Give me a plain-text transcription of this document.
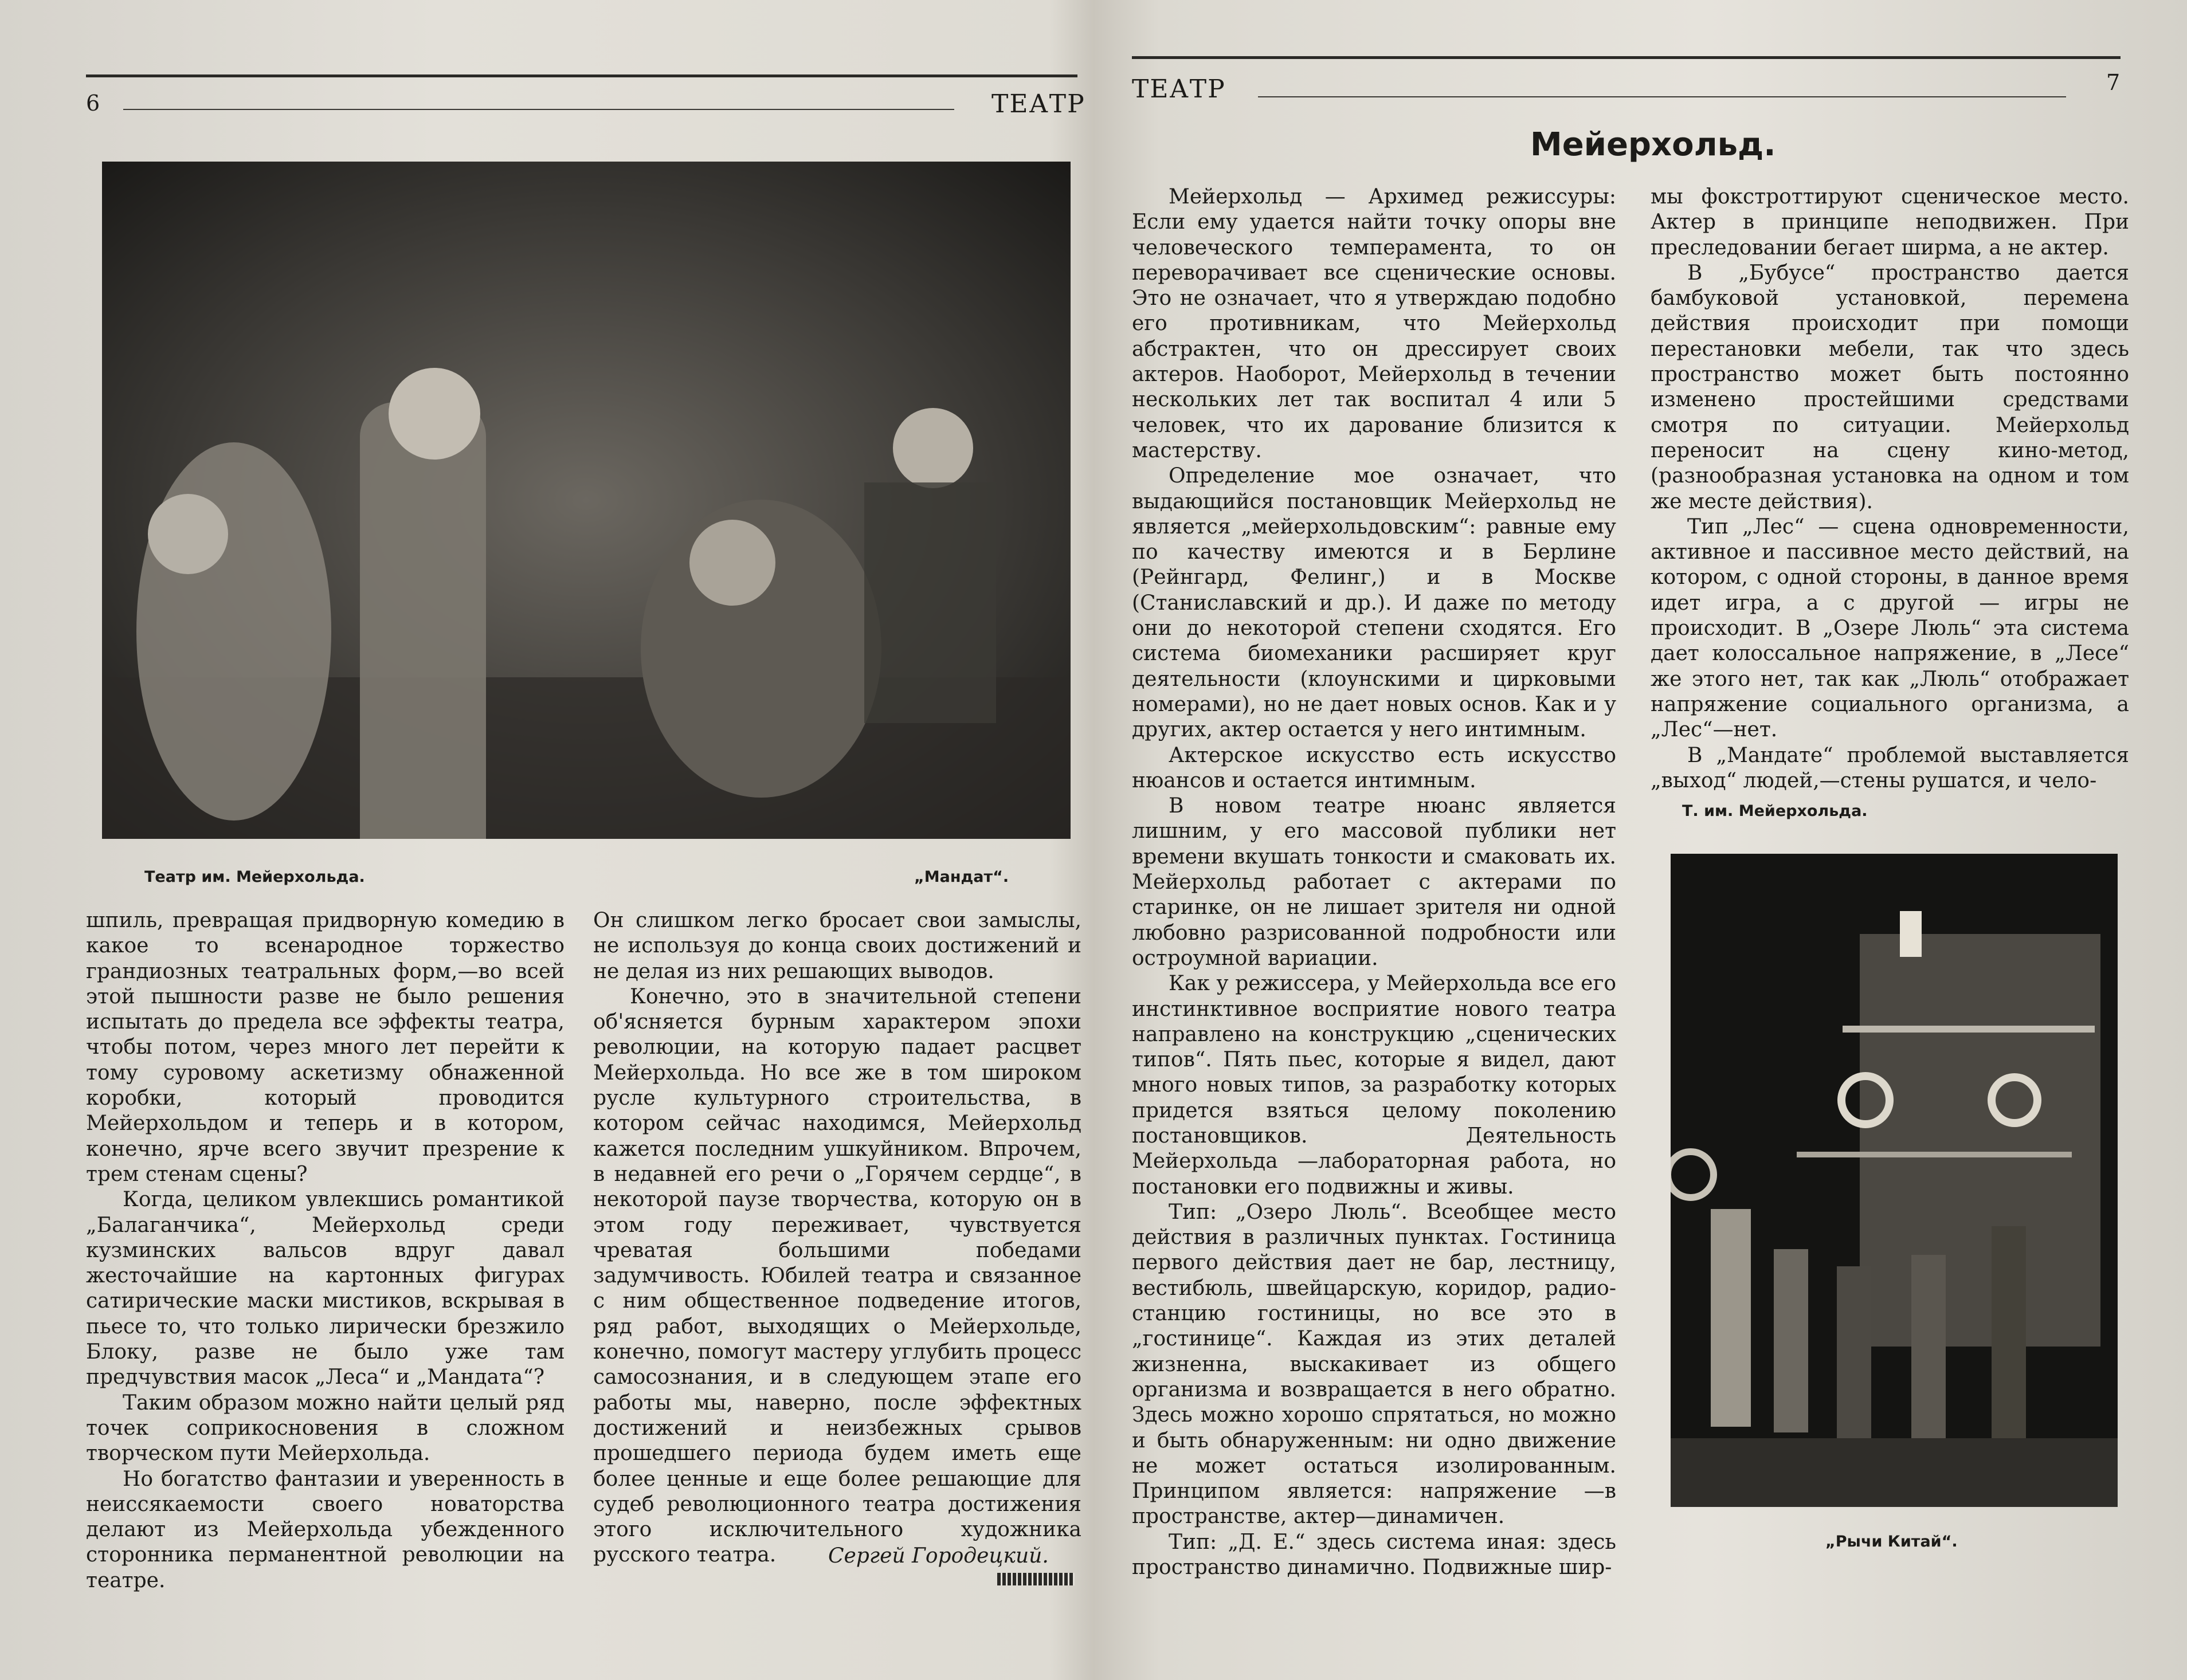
6	ТЕАТР
Театр им. Мейерхольда.	„Мандат“.

шпиль, превращая придворную комедию в какое то всенародное торжество грандиозных театральных форм,—во всей этой пышности разве не было решения испытать до предела все эффекты театра, чтобы потом, через много лет перейти к тому суровому аскетизму обнаженной коробки, который проводится Мейерхольдом и теперь и в котором, конечно, ярче всего звучит презрение к трем стенам сцены?

Когда, целиком увлекшись романтикой „Балаганчика“, Мейерхольд среди кузминских вальсов вдруг давал жесточайшие на картонных фигурах сатирические маски мистиков, вскрывая в пьесе то, что только лирически брезжило Блоку, разве не было уже там предчувствия масок „Леса“ и „Мандата“?

Таким образом можно найти целый ряд точек соприкосновения в сложном творческом пути Мейерхольда.

Но богатство фантазии и уверенность в неиссякаемости своего новаторства делают из Мейерхольда убежденного сторонника перманентной революции на театре.

Он слишком легко бросает свои замыслы, не используя до конца своих достижений и не делая из них решающих выводов.

Конечно, это в значительной степени об'ясняется бурным характером эпохи революции, на которую падает расцвет Мейерхольда. Но все же в том широком русле культурного строительства, в котором сейчас находимся, Мейерхольд кажется последним ушкуйником. Впрочем, в недавней его речи о „Горячем сердце“, в некоторой паузе творчества, которую он в этом году переживает, чувствуется чреватая большими победами задумчивость. Юбилей театра и связанное с ним общественное подведение итогов, ряд работ, выходящих о Мейерхольде, конечно, помогут мастеру углубить процесс самосознания, и в следующем этапе его работы мы, наверно, после эффектных достижений и неизбежных срывов прошедшего периода будем иметь еще более ценные и еще более решающие для судеб революционного театра достижения этого исключительного художника русского театра.	Сергей Городецкий.
ТЕАТР	7
Мейерхольд.

Мейерхольд — Архимед режиссуры: Если ему удается найти точку опоры вне человеческого темперамента, то он переворачивает все сценические основы. Это не означает, что я утверждаю подобно его противникам, что Мейерхольд абстрактен, что он дрессирует своих актеров. Наоборот, Мейерхольд в течении нескольких лет так воспитал 4 или 5 человек, что их дарование близится к мастерству.

Определение мое означает, что выдающийся постановщик Мейерхольд не является „мейерхольдовским“: равные ему по качеству имеются и в Берлине (Рейнгард, Фелинг,) и в Москве (Станиславский и др.). И даже по методу они до некоторой степени сходятся. Его система биомеханики расширяет круг деятельности (клоунскими и цирковыми номерами), но не дает новых основ. Как и у других, актер остается у него интимным.

Актерское искусство есть искусство нюансов и остается интимным.

В новом театре нюанс является лишним, у его массовой публики нет времени вкушать тонкости и смаковать их. Мейерхольд работает с актерами по старинке, он не лишает зрителя ни одной любовно разрисованной подробности или остроумной вариации.

Как у режиссера, у Мейерхольда все его инстинктивное восприятие нового театра направлено на конструкцию „сценических типов“. Пять пьес, которые я видел, дают много новых типов, за разработку которых придется взяться целому поколению постановщиков. Деятельность Мейерхольда —лабораторная работа, но постановки его подвижны и живы.

Тип: „Озеро Люль“. Всеобщее место действия в различных пунктах. Гостиница первого действия дает не бар, лестницу, вестибюль, швейцарскую, коридор, радио-станцию гостиницы, но все это в „гостинице“. Каждая из этих деталей жизненна, выскакивает из общего организма и возвращается в него обратно. Здесь можно хорошо спрятаться, но можно и быть обнаруженным: ни одно движение не может остаться изолированным. Принципом является: напряжение —в пространстве, актер—динамичен.

Тип: „Д. Е.“ здесь система иная: здесь пространство динамично. Подвижные шир-

мы фокстроттируют сценическое место. Актер в принципе неподвижен. При преследовании бегает ширма, а не актер.

В „Бубусе“ пространство дается бамбуковой установкой, перемена действия происходит при помощи перестановки мебели, так что здесь пространство может быть постоянно изменено простейшими средствами смотря по ситуации. Мейерхольд переносит на сцену кино-метод, (разнообразная установка на одном и том же месте действия).

Тип „Лес“ — сцена одновременности, активное и пассивное место действий, на котором, с одной стороны, в данное время идет игра, а с другой — игры не происходит. В „Озере Люль“ эта система дает колоссальное напряжение, в „Лесе“ же этого нет, так как „Люль“ отображает напряжение социального организма, а „Лес“—нет.

В „Мандате“ проблемой выставляется „выход“ людей,—стены рушатся, и чело-

Т. им. Мейерхольда.
„Рычи Китай“.
